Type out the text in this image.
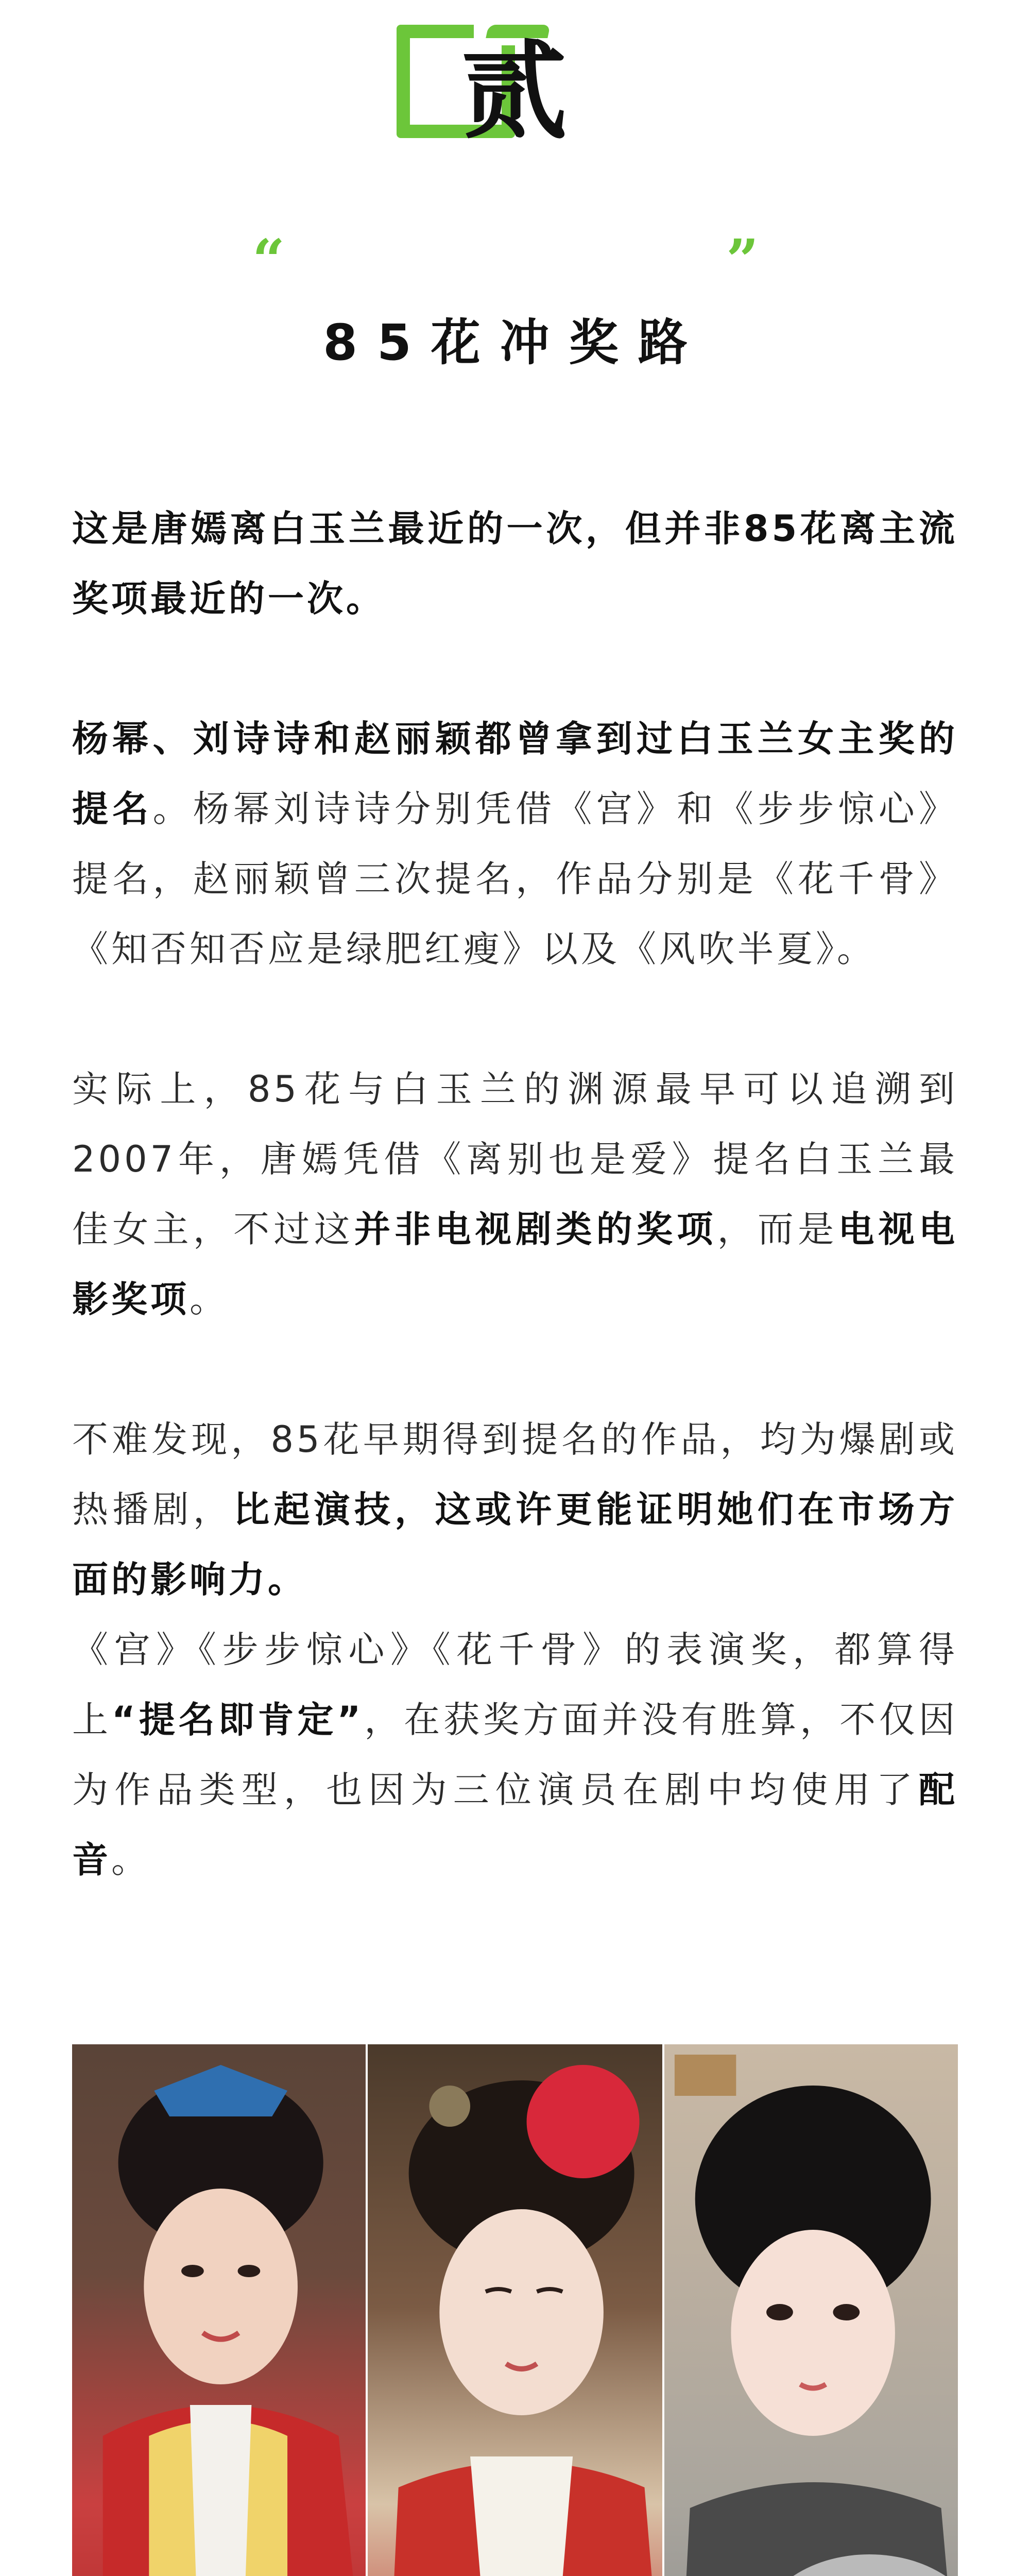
贰
“	”
85花冲奖路

这是唐嫣离白玉兰最近的一次，但并非85花离主流奖项最近的一次。

杨幂、刘诗诗和赵丽颖都曾拿到过白玉兰女主奖的提名。杨幂刘诗诗分别凭借《宫》和《步步惊心》提名，赵丽颖曾三次提名，作品分别是《花千骨》《知否知否应是绿肥红瘦》以及《风吹半夏》。

实际上，85花与白玉兰的渊源最早可以追溯到2007年，唐嫣凭借《离别也是爱》提名白玉兰最佳女主，不过这并非电视剧类的奖项，而是电视电影奖项。

不难发现，85花早期得到提名的作品，均为爆剧或热播剧，比起演技，这或许更能证明她们在市场方面的影响力。

《宫》《步步惊心》《花千骨》的表演奖，都算得上“提名即肯定”，在获奖方面并没有胜算，不仅因为作品类型，也因为三位演员在剧中均使用了配音。
